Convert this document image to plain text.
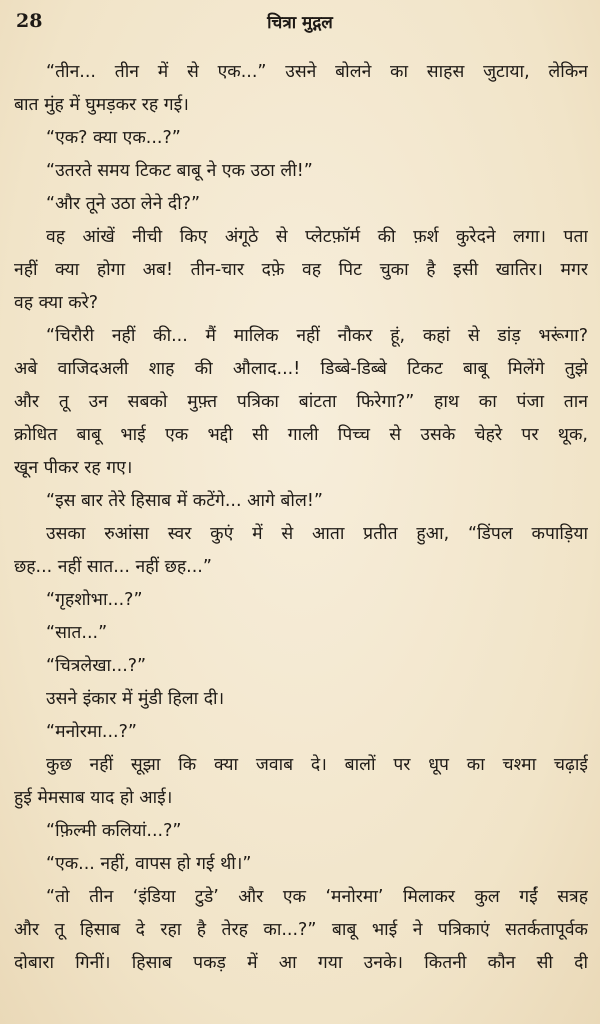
28	चित्रा मुद्गल
“तीन... तीन में से एक...” उसने बोलने का साहस जुटाया, लेकिन
बात मुंह में घुमड़कर रह गई।
“एक? क्या एक...?”
“उतरते समय टिकट बाबू ने एक उठा ली!”
“और तूने उठा लेने दी?”
वह आंखें नीची किए अंगूठे से प्लेटफ़ॉर्म की फ़र्श कुरेदने लगा। पता
नहीं क्या होगा अब! तीन-चार दफ़े वह पिट चुका है इसी खातिर। मगर
वह क्या करे?
“चिरौरी नहीं की... मैं मालिक नहीं नौकर हूं, कहां से डांड़ भरूंगा?
अबे वाजिदअली शाह की औलाद...! डिब्बे-डिब्बे टिकट बाबू मिलेंगे तुझे
और तू उन सबको मुफ़्त पत्रिका बांटता फिरेगा?” हाथ का पंजा तान
क्रोधित बाबू भाई एक भद्दी सी गाली पिच्च से उसके चेहरे पर थूक,
खून पीकर रह गए।
“इस बार तेरे हिसाब में कटेंगे... आगे बोल!”
उसका रुआंसा स्वर कुएं में से आता प्रतीत हुआ, “डिंपल कपाड़िया
छह... नहीं सात... नहीं छह...”
“गृहशोभा...?”
“सात...”
“चित्रलेखा...?”
उसने इंकार में मुंडी हिला दी।
“मनोरमा...?”
कुछ नहीं सूझा कि क्या जवाब दे। बालों पर धूप का चश्मा चढ़ाई
हुई मेमसाब याद हो आई।
“फ़िल्मी कलियां...?”
“एक... नहीं, वापस हो गई थी।”
“तो तीन ‘इंडिया टुडे’ और एक ‘मनोरमा’ मिलाकर कुल गईं सत्रह
और तू हिसाब दे रहा है तेरह का...?” बाबू भाई ने पत्रिकाएं सतर्कतापूर्वक
दोबारा गिनीं। हिसाब पकड़ में आ गया उनके। कितनी कौन सी दी
